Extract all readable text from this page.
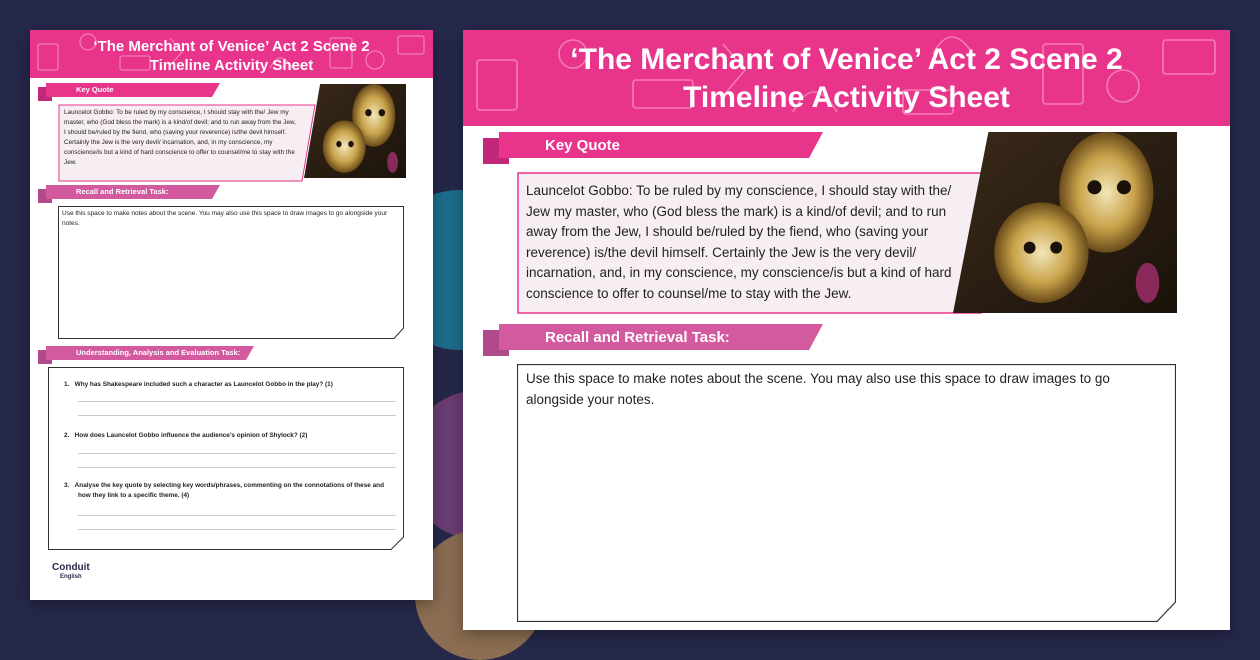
‘The Merchant of Venice’ Act 2 Scene 2
Timeline Activity Sheet
Key Quote
Launcelot Gobbo: To be ruled by my conscience, I should stay with the/ Jew my master, who (God bless the mark) is a kind/of devil; and to run away from the Jew, I should be/ruled by the fiend, who (saving your reverence) is/the devil himself. Certainly the Jew is the very devil/ incarnation, and, in my conscience, my conscience/is but a kind of hard conscience to offer to counsel/me to stay with the Jew.
Recall and Retrieval Task:
Use this space to make notes about the scene. You may also use this space to draw images to go alongside your notes.
Understanding, Analysis and Evaluation Task:
1. Why has Shakespeare included such a character as Launcelot Gobbo in the play? (1)
2. How does Launcelot Gobbo influence the audience’s opinion of Shylock? (2)
3. Analyse the key quote by selecting key words/phrases, commenting on the connotations of these and how they link to a specific theme. (4)
Conduit
English
‘The Merchant of Venice’ Act 2 Scene 2
Timeline Activity Sheet
Key Quote
Launcelot Gobbo: To be ruled by my conscience, I should stay with the/ Jew my master, who (God bless the mark) is a kind/of devil; and to run away from the Jew, I should be/ruled by the fiend, who (saving your reverence) is/the devil himself. Certainly the Jew is the very devil/ incarnation, and, in my conscience, my conscience/is but a kind of hard conscience to offer to counsel/me to stay with the Jew.
Recall and Retrieval Task:
Use this space to make notes about the scene. You may also use this space to draw images to go alongside your notes.
